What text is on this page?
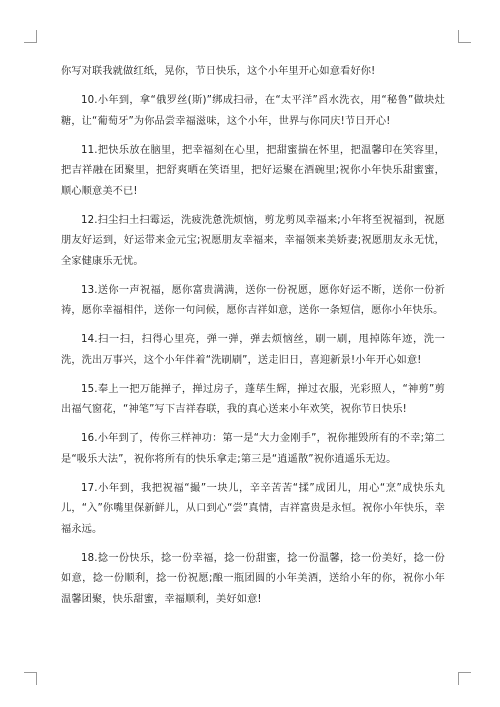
你写对联我就做红纸，晃你，节日快乐，这个小年里开心如意看好你!

10.小年到，拿“俄罗丝(斯)”绑成扫帚，在“太平洋”舀水洗衣，用“秘鲁”做块灶糖，让“葡萄牙”为你品尝幸福滋味，这个小年，世界与你同庆!节日开心!

11.把快乐放在脑里，把幸福刻在心里，把甜蜜揣在怀里，把温馨印在笑容里，把吉祥融在团聚里，把舒爽晒在笑语里，把好运聚在酒碗里;祝你小年快乐甜蜜蜜，顺心顺意美不已!

12.扫尘扫土扫霉运，洗疲洗惫洗烦恼，剪龙剪凤幸福来;小年将至祝福到，祝愿朋友好运到，好运带来金元宝;祝愿朋友幸福来，幸福领来美娇妻;祝愿朋友永无忧，全家健康乐无忧。

13.送你一声祝福，愿你富贵满满，送你一份祝愿，愿你好运不断，送你一份祈祷，愿你幸福相伴，送你一句问候，愿你吉祥如意，送你一条短信，愿你小年快乐。

14.扫一扫，扫得心里亮，弹一弹，弹去烦恼丝，刷一刷，甩掉陈年迹，洗一洗，洗出万事兴，这个小年伴着“洗刷刷”，送走旧日，喜迎新景!小年开心如意!

15.奉上一把万能掸子，掸过房子，蓬荜生辉，掸过衣服，光彩照人，“神剪”剪出福气窗花，“神笔”写下吉祥春联，我的真心送来小年欢笑，祝你节日快乐!

16.小年到了，传你三样神功：第一是“大力金刚手”，祝你摧毁所有的不幸;第二是“吸乐大法”，祝你将所有的快乐拿走;第三是“逍遥散”祝你逍遥乐无边。

17.小年到，我把祝福“撮”一块儿，辛辛苦苦“揉”成团儿，用心“烹”成快乐丸儿，“入”你嘴里保新鲜儿，从口到心“尝”真情，吉祥富贵是永恒。祝你小年快乐，幸福永远。

18.捻一份快乐，捻一份幸福，捻一份甜蜜，捻一份温馨，捻一份美好，捻一份如意，捻一份顺利，捻一份祝愿;酿一瓶团圆的小年美酒，送给小年的你，祝你小年温馨团聚，快乐甜蜜，幸福顺利，美好如意!
